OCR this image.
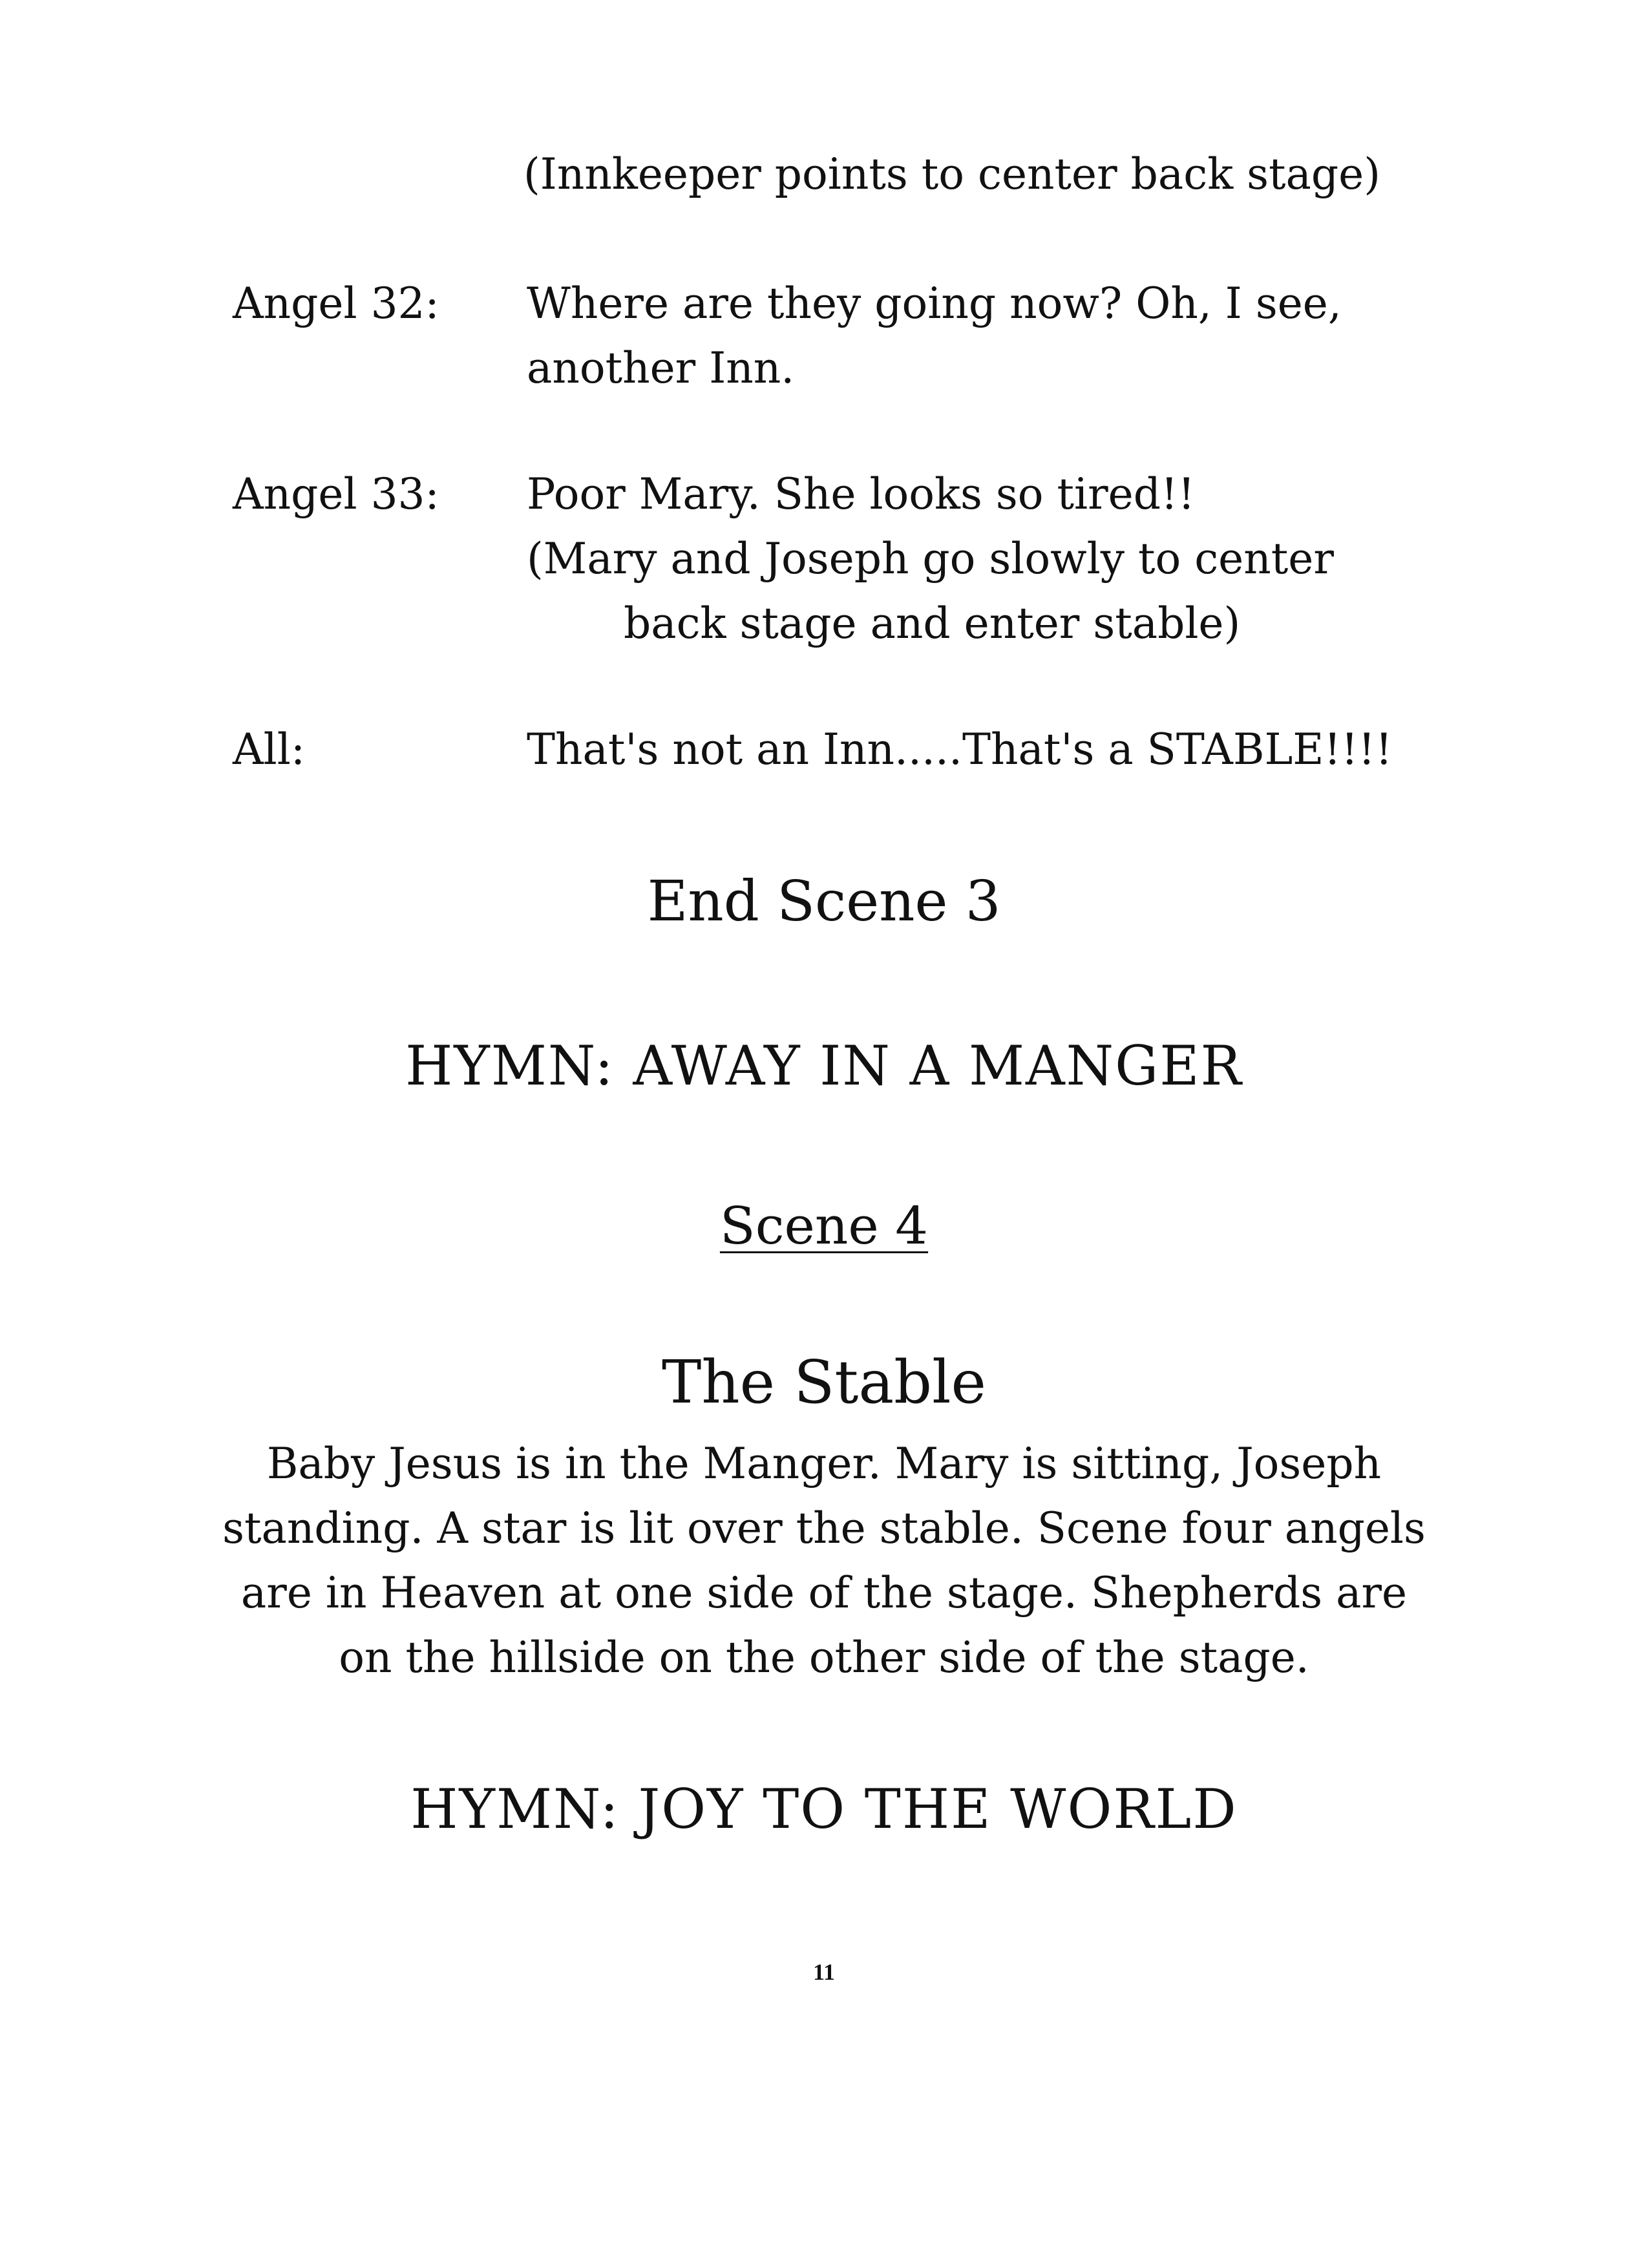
(Innkeeper points to center back stage)
Angel 32: Where are they going now? Oh, I see,
another Inn.
Angel 33: Poor Mary. She looks so tired!!
(Mary and Joseph go slowly to center
back stage and enter stable)
All:	That's not an Inn.....That's a STABLE!!!!
End Scene 3
HYMN: AWAY IN A MANGER
Scene 4
The Stable
Baby Jesus is in the Manger. Mary is sitting, Joseph standing. A star is lit over the stable. Scene four angels are in Heaven at one side of the stage. Shepherds are on the hillside on the other side of the stage.
HYMN: JOY TO THE WORLD
11
